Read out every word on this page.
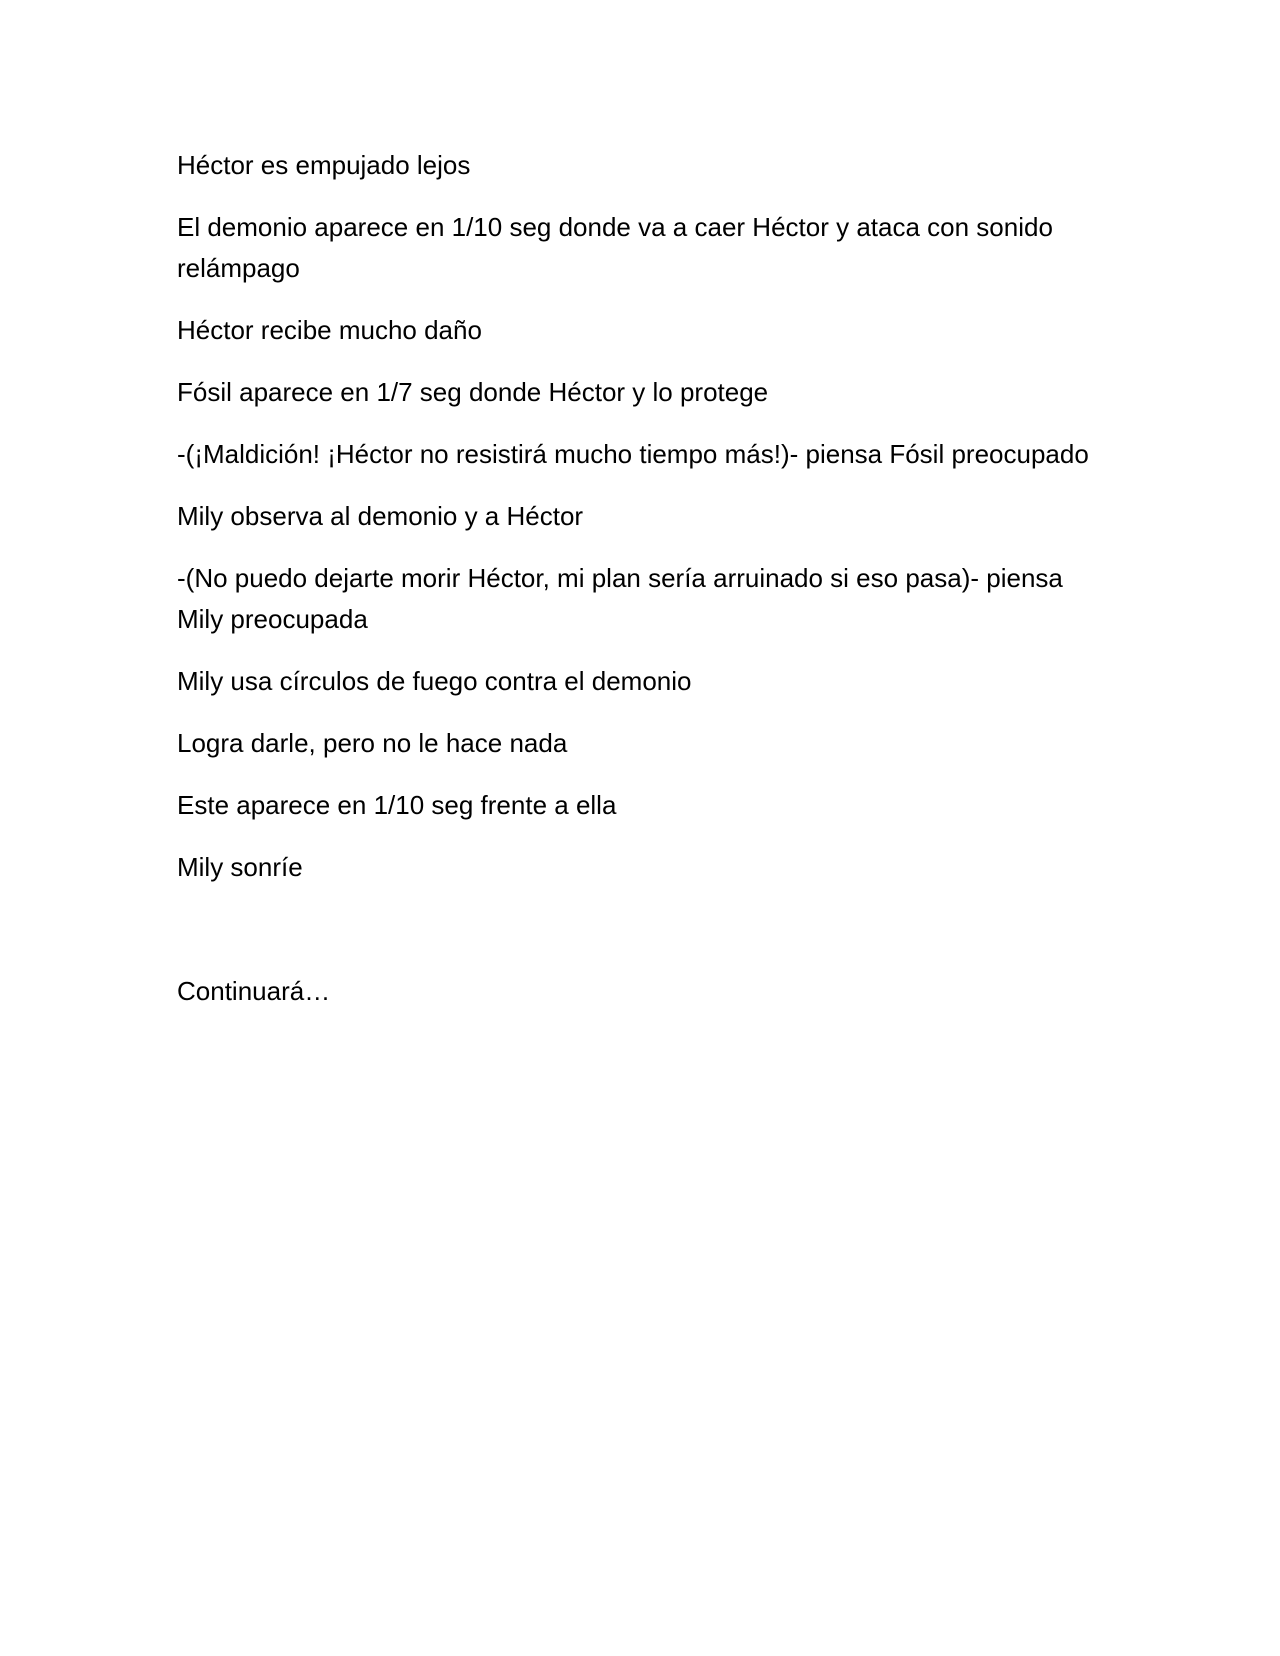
Héctor es empujado lejos

El demonio aparece en 1/10 seg donde va a caer Héctor y ataca con sonido relámpago

Héctor recibe mucho daño

Fósil aparece en 1/7 seg donde Héctor y lo protege

-(¡Maldición! ¡Héctor no resistirá mucho tiempo más!)- piensa Fósil preocupado

Mily observa al demonio y a Héctor

-(No puedo dejarte morir Héctor, mi plan sería arruinado si eso pasa)- piensa Mily preocupada

Mily usa círculos de fuego contra el demonio

Logra darle, pero no le hace nada

Este aparece en 1/10 seg frente a ella

Mily sonríe

Continuará…
